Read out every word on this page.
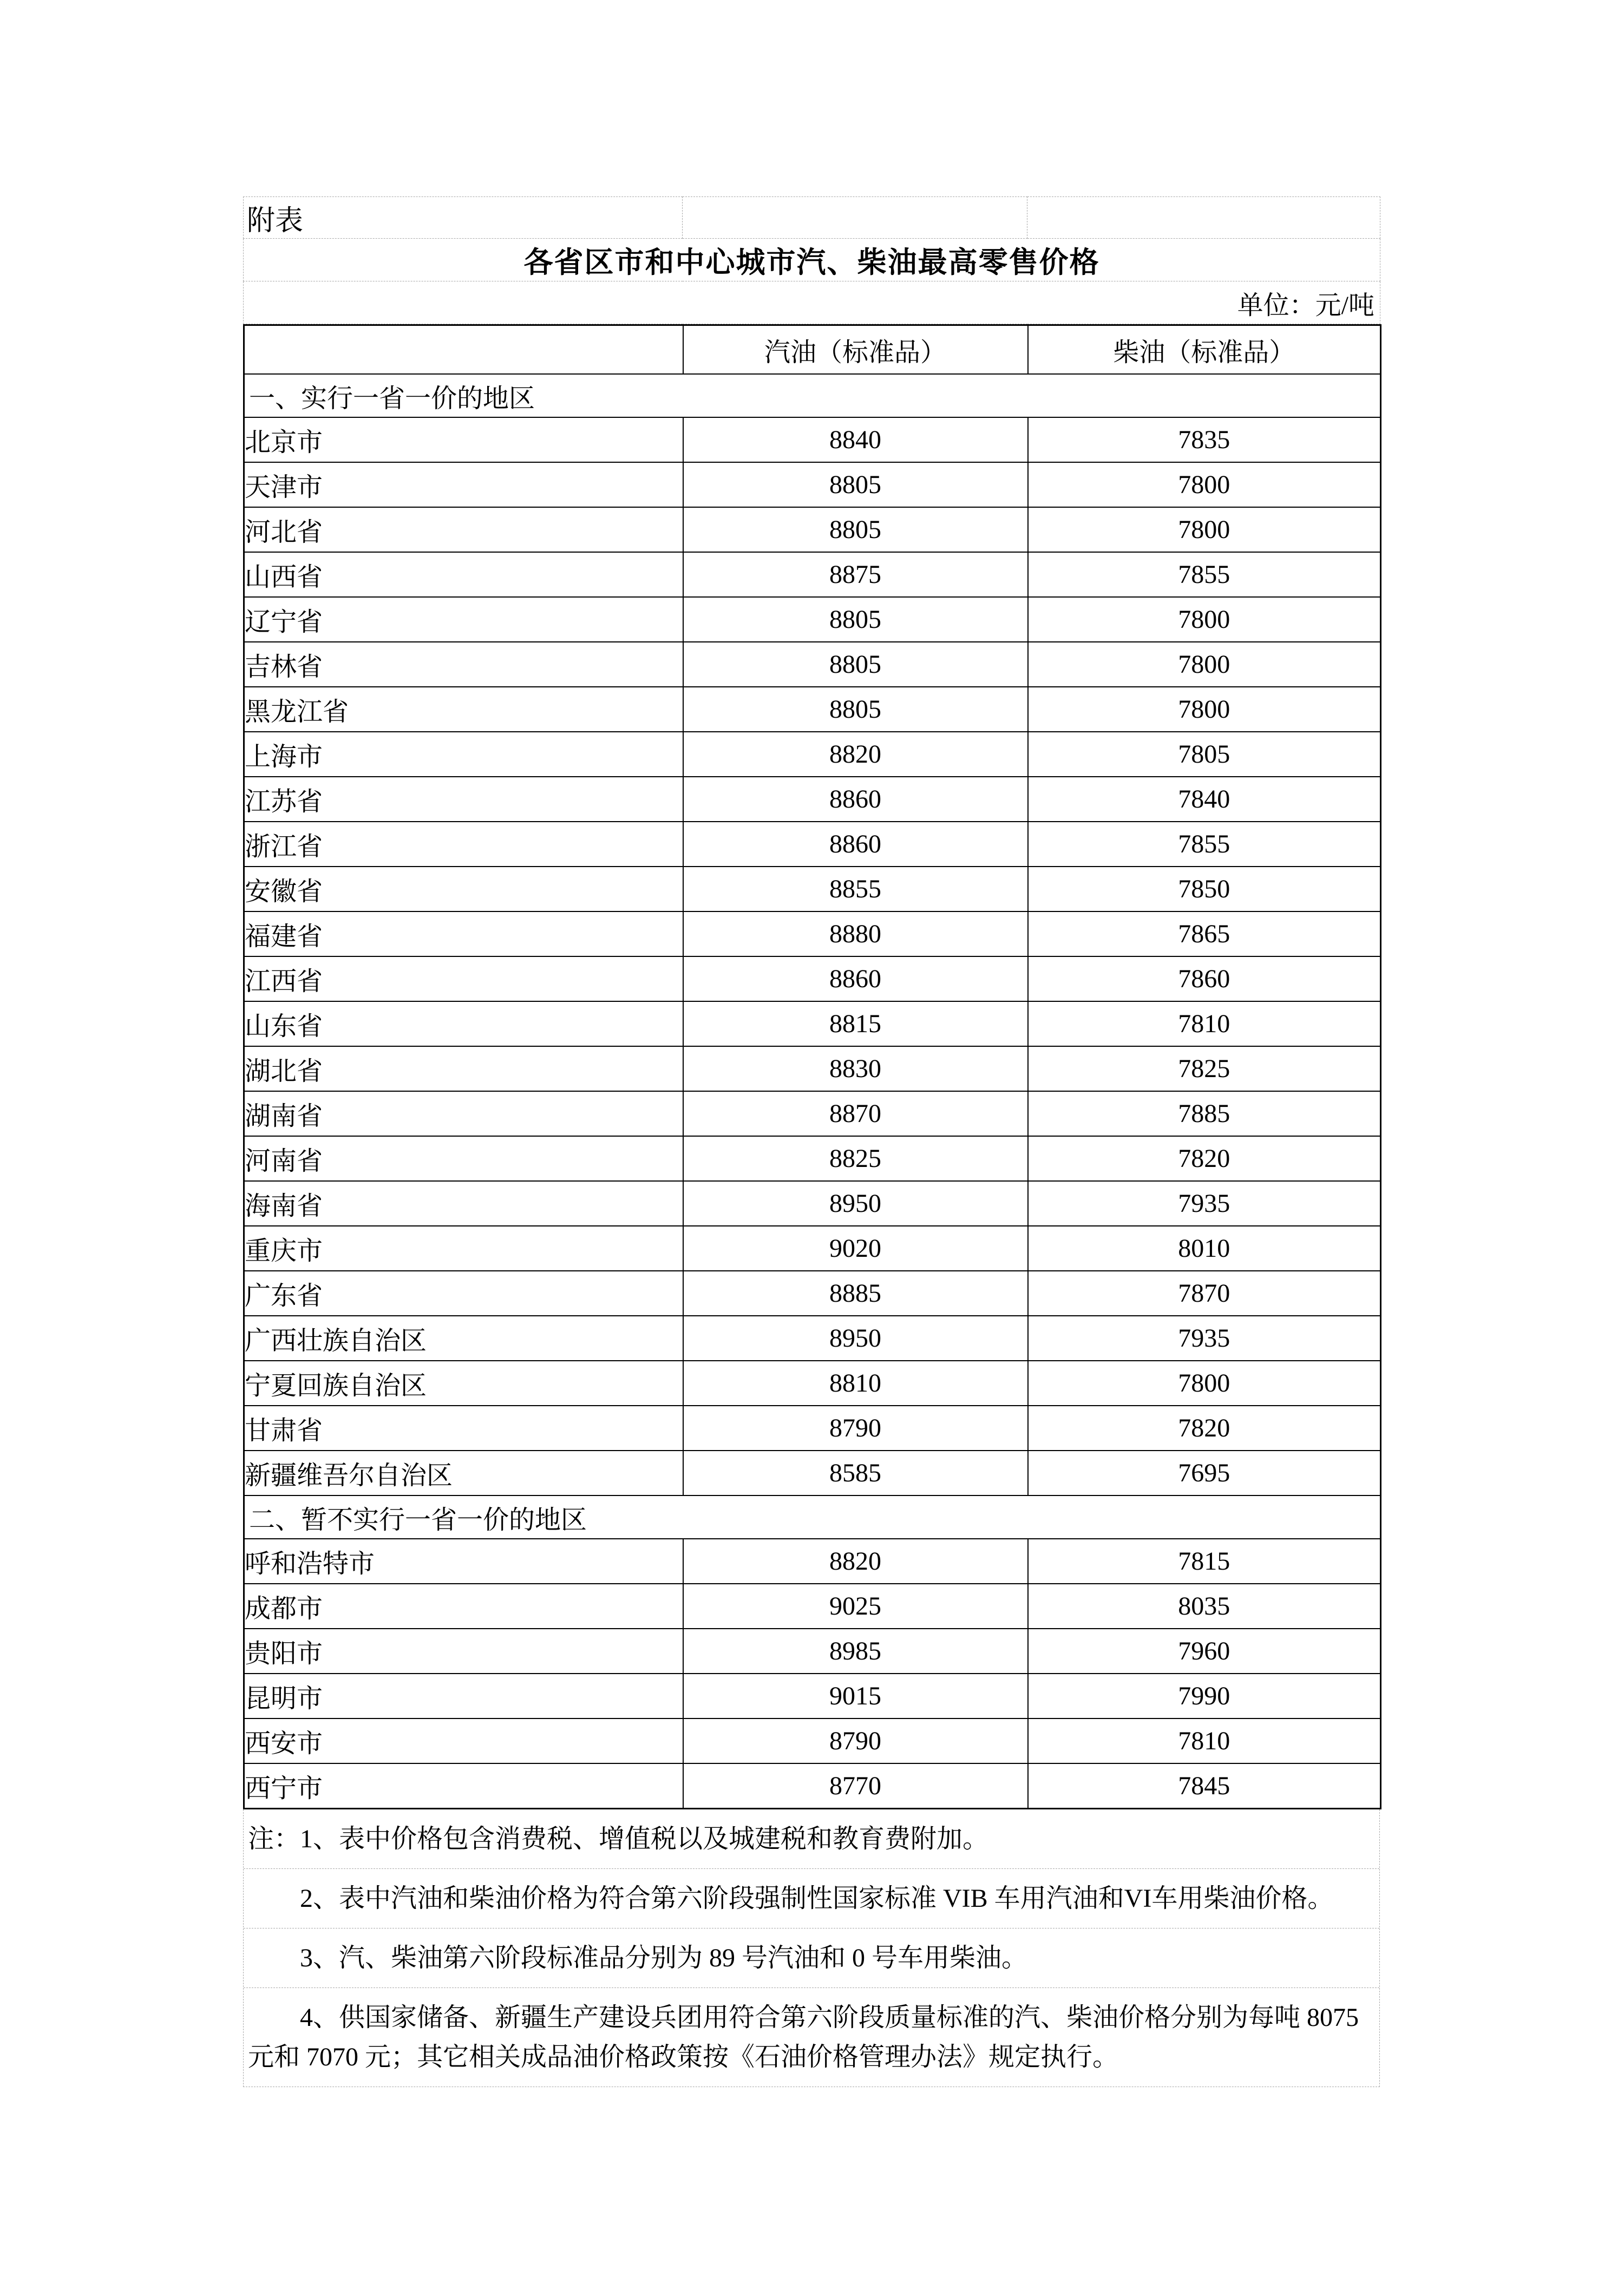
附表		
各省区市和中心城市汽、柴油最高零售价格
单位：元/吨
	汽油（标准品）	柴油（标准品）
一、实行一省一价的地区		
北京市	8840	7835
天津市	8805	7800
河北省	8805	7800
山西省	8875	7855
辽宁省	8805	7800
吉林省	8805	7800
黑龙江省	8805	7800
上海市	8820	7805
江苏省	8860	7840
浙江省	8860	7855
安徽省	8855	7850
福建省	8880	7865
江西省	8860	7860
山东省	8815	7810
湖北省	8830	7825
湖南省	8870	7885
河南省	8825	7820
海南省	8950	7935
重庆市	9020	8010
广东省	8885	7870
广西壮族自治区	8950	7935
宁夏回族自治区	8810	7800
甘肃省	8790	7820
新疆维吾尔自治区	8585	7695
二、暂不实行一省一价的地区		
呼和浩特市	8820	7815
成都市	9025	8035
贵阳市	8985	7960
昆明市	9015	7990
西安市	8790	7810
西宁市	8770	7845

注：1、表中价格包含消费税、增值税以及城建税和教育费附加。

2、表中汽油和柴油价格为符合第六阶段强制性国家标准 VIB 车用汽油和VI车用柴油价格。

3、汽、柴油第六阶段标准品分别为 89 号汽油和 0 号车用柴油。

4、供国家储备、新疆生产建设兵团用符合第六阶段质量标准的汽、柴油价格分别为每吨 8075 元和 7070 元；其它相关成品油价格政策按《石油价格管理办法》规定执行。
